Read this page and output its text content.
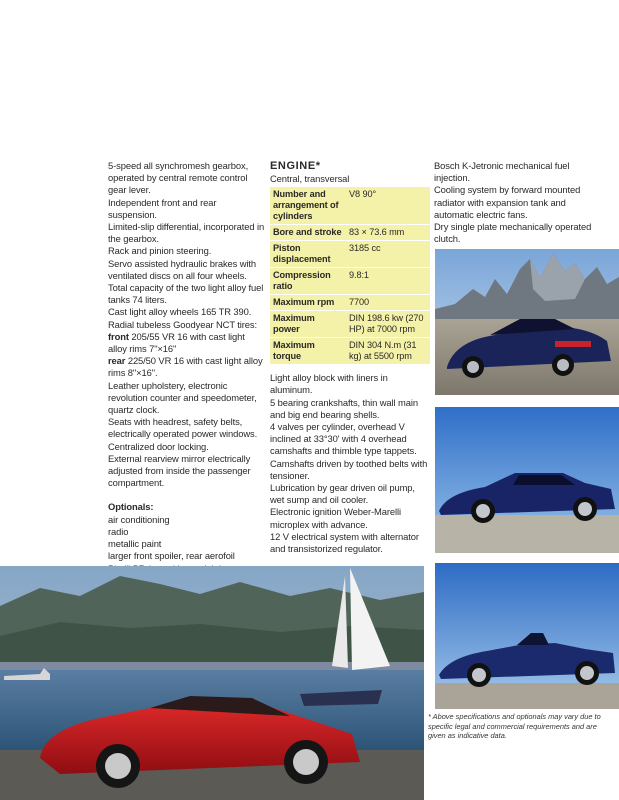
5-speed all synchromesh gearbox, operated by central remote control gear lever.

Independent front and rear suspension.

Limited-slip differential, incorporated in the gearbox.

Rack and pinion steering.

Servo assisted hydraulic brakes with ventilated discs on all four wheels.

Total capacity of the two light alloy fuel tanks 74 liters.

Cast light alloy wheels 165 TR 390.

Radial tubeless Goodyear NCT tires:

front 205/55 VR 16 with cast light alloy rims 7"×16"

rear 225/50 VR 16 with cast light alloy rims 8"×16".

Leather upholstery, electronic revolution counter and speedometer, quartz clock.

Seats with headrest, safety belts, electrically operated power windows.

Centralized door locking.

External rearview mirror electrically adjusted from inside the passenger compartment.

Optionals:

air conditioning

radio

metallic paint

larger front spoiler, rear aerofoil

ENGINE*

Central, transversal

Number and arrangement of cylinders	V8 90°
Bore and stroke	83 × 73.6 mm
Piston displacement	3185 cc
Compression ratio	9.8:1
Maximum rpm	7700
Maximum power	DIN 198.6 kw (270 HP) at 7000 rpm
Maximum torque	DIN 304 N.m (31 kg) at 5500 rpm

Light alloy block with liners in aluminum.

5 bearing crankshafts, thin wall main and big end bearing shells.

4 valves per cylinder, overhead V inclined at 33°30' with 4 overhead camshafts and thimble type tappets.

Camshafts driven by toothed belts with tensioner.

Lubrication by gear driven oil pump, wet sump and oil cooler.

Electronic ignition Weber-Marelli microplex with advance.

12 V electrical system with alternator and transistorized regulator.

Bosch K-Jetronic mechanical fuel injection.

Cooling system by forward mounted radiator with expansion tank and automatic electric fans.

Dry single plate mechanically operated clutch.

* Above specifications and optionals may vary due to specific legal and commercial requirements and are given as indicative data.
